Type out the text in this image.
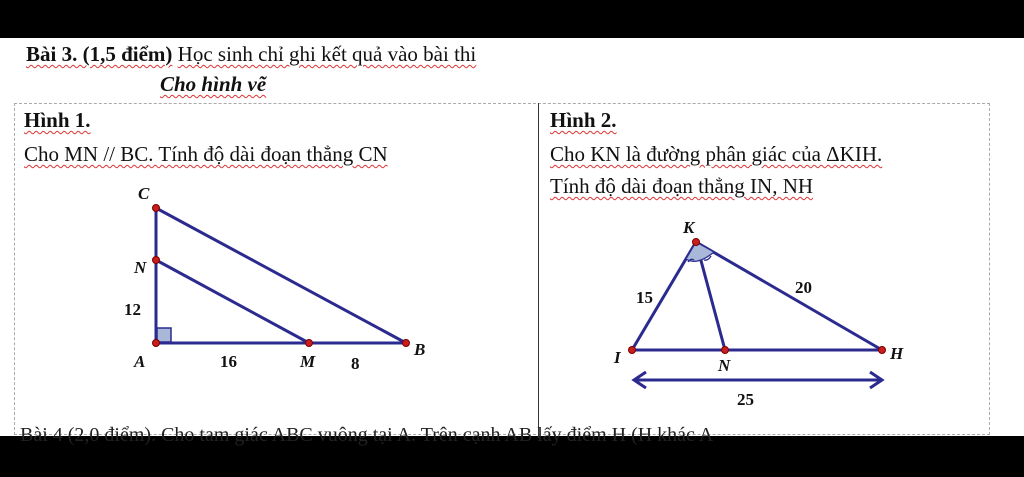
Bài 3. (1,5 điểm) Học sinh chỉ ghi kết quả vào bài thi
Cho hình vẽ
Hình 1.
Cho MN // BC. Tính độ dài đoạn thẳng CN
Hình 2.
Cho KN là đường phân giác của ΔKIH.
Tính độ dài đoạn thẳng IN, NH
C
N
12
A	16	M 8
B
K
15
20
I	N
H
25
Bài 4 (2,0 điểm). Cho tam giác ABC vuông tại A. Trên cạnh AB lấy điểm H (H khác A
